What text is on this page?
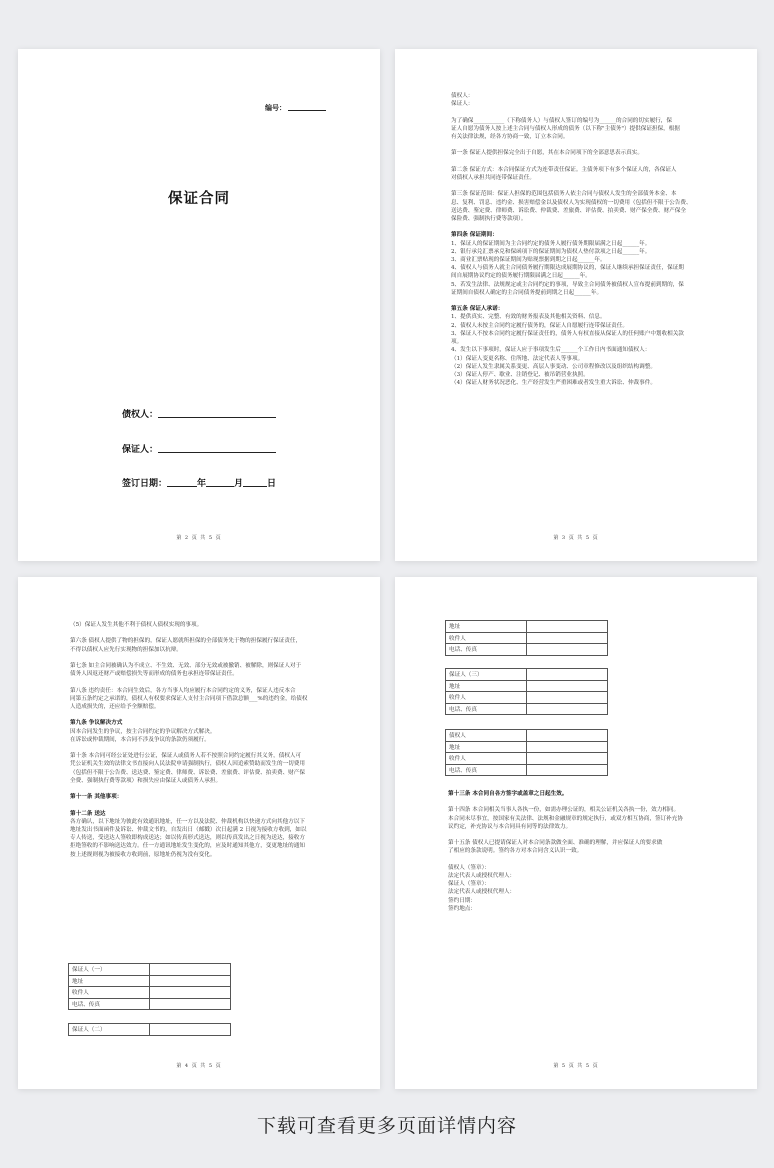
编号：
保证合同
债权人：
保证人：
签订日期：	年	月	日
第 2 页 共 5 页
债权人：
保证人：

为了确保___________（下称债务人）与债权人签订的编号为______的合同的切实履行，保
证人自愿为债务人按上述主合同与债权人形成的债务（以下称"主债务"）提供保证担保，根据
有关法律法规，经各方协商一致，订立本合同。

第一条 保证人提供担保完全出于自愿，其在本合同项下的全部意思表示真实。

第二条 保证方式：本合同保证方式为连带责任保证。主债务项下有多个保证人的，各保证人
对债权人承担共同连带保证责任。

第三条 保证范围：保证人担保的范围包括债务人依主合同与债权人发生的全部债务本金、本
息、复利、罚息、违约金、损害赔偿金以及债权人为实现债权的一切费用（包括但不限于公告费、
送达费、鉴定费、律师费、诉讼费、仲裁费、差旅费、评估费、拍卖费、财产保全费、财产保全
保险费、强制执行费等款项）。

第四条 保证期间：
1、保证人的保证期间为主合同约定的债务人履行债务期限届满之日起______年。
2、银行承兑汇票承兑和保函项下的保证期间为债权人垫付款项之日起______年。
3、商业汇票贴现的保证期间为贴现票据到期之日起______年。
4、债权人与债务人就主合同债务履行期限达成展期协议的，保证人继续承担保证责任，保证期
间自展期协议约定的债务履行期限届满之日起______年。
5、若发生法律、法规规定或主合同约定的事项，导致主合同债务被债权人宣布提前到期的，保
证期间自债权人确定的主合同债务提前到期之日起______年。

第五条 保证人承诺：
1、提供真实、完整、有效的财务报表及其他相关资料、信息。
2、债权人未按主合同约定履行债务的，保证人自愿履行连带保证责任。
3、保证人不按本合同约定履行保证责任的，债务人有权直接从保证人的任何账户中划收相关款
项。
4、发生以下事项时，保证人应于事项发生后______个工作日内书面通知债权人：
（1）保证人变更名称、住所地、法定代表人等事项。
（2）保证人发生隶属关系变更、高层人事变动、公司章程修改以及组织结构调整。
（3）保证人停产、歇业、注销登记、被吊销营业执照。
（4）保证人财务状况恶化、生产经营发生严重困难或者发生重大诉讼、仲裁事件。
第 3 页 共 5 页
（5）保证人发生其他不利于债权人债权实现的事项。

第六条 债权人提供了物的担保的，保证人愿就所担保的全部债务先于物的担保履行保证责任，
不得以债权人应先行实现物的担保加以抗辩。

第七条 如主合同被确认为不成立、不生效、无效、部分无效或被撤销、被解除，则保证人对于
债务人因返还财产或赔偿损失等而形成的债务也承担连带保证责任。

第八条 违约责任：本合同生效后，各方当事人均应履行本合同约定的义务，保证人违反本合
同第五条约定之承诺的，债权人有权要求保证人支付主合同项下借款总额___%的违约金，给债权
人造成损失的，还应给予全额赔偿。

第九条 争议解决方式
因本合同发生的争议，按主合同约定的争议解决方式解决。
在诉讼或仲裁期间，本合同不涉及争议的条款仍须履行。

第十条 本合同可经公证处进行公证，保证人或债务人若不按照合同约定履行其义务，债权人可
凭公证机关生效的法律文书直接向人民法院申请强制执行，债权人因追索赞助而发生的一切费用
（包括但不限于公告费、送达费、鉴定费、律师费、诉讼费、差旅费、评估费、拍卖费、财产保
全费、强制执行费等款项）和损失应由保证人或债务人承担。

第十一条 其他事项：

第十二条 送达
各方确认，以下地址为彼此有效通讯地址，任一方以及法院、仲裁机构以快递方式向其他方以下
地址发出书面函件及诉讼、仲裁文书的，自发出日（邮戳）次日起满 2 日视为接收方收到，如以
专人传送，受送达人签收即构成送达；如以传真形式送达，则以传真发出之日视为送达，接收方
拒绝签收的不影响送达效力。任一方通讯地址发生变化的，应及时通知其他方，变更地址的通知
按上述规则视为被接收方收到前，原地址仍视为没有变化。
保证人（一）	
地址	
收件人	
电话、传真	
保证人（二）	
第 4 页 共 5 页
地址	
收件人	
电话、传真	
保证人（三）	
地址	
收件人	
电话、传真	
债权人	
地址	
收件人	
电话、传真	
第十三条 本合同自各方签字或盖章之日起生效。

第十四条 本合同相关当事人各执一份，如需办理公证的，相关公证机关各执一份，效力相同。
本合同未尽事宜，按国家有关法律、法规和金融规章的规定执行，或双方相互协商，签订补充协
议约定，补充协议与本合同具有同等的法律效力。

第十五条 债权人已提请保证人对本合同条款做全面、准确的理解，并应保证人的要求做
了相应的条款说明。签约各方对本合同含义认识一致。

债权人（签章）：
法定代表人或授权代理人：
保证人（签章）：
法定代表人或授权代理人：
签约日期：
签约地点：
第 5 页 共 5 页
下载可查看更多页面详情内容
